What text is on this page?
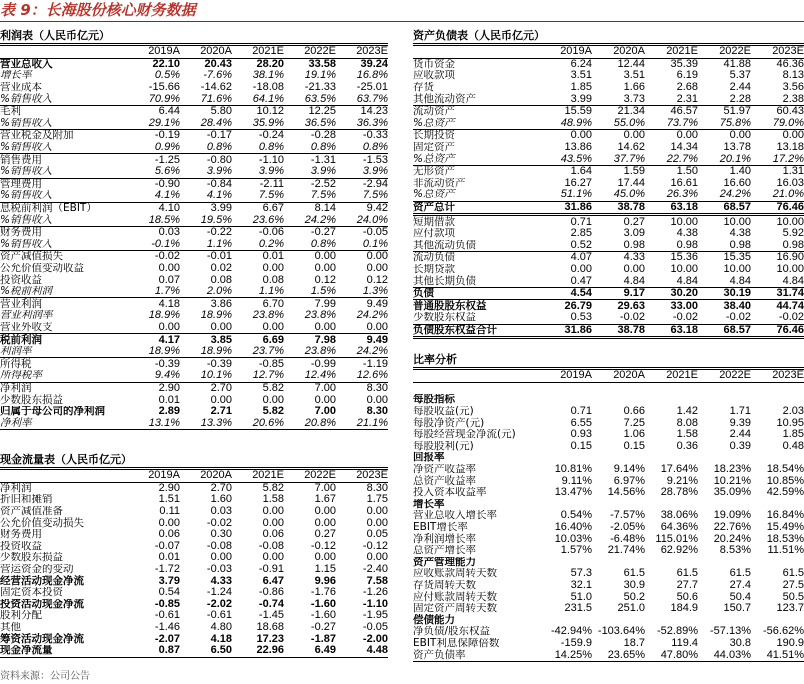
表 9：长海股份核心财务数据
利润表（人民币亿元）
	2019A	2020A	2021E	2022E	2023E
营业总收入	22.10	20.43	28.20	33.58	39.24
增长率	0.5%	-7.6%	38.1%	19.1%	16.8%
营业成本	-15.66	-14.62	-18.08	-21.33	-25.01
%销售收入	70.9%	71.6%	64.1%	63.5%	63.7%
毛利	6.44	5.80	10.12	12.25	14.23
%销售收入	29.1%	28.4%	35.9%	36.5%	36.3%
营业税金及附加	-0.19	-0.17	-0.24	-0.28	-0.33
%销售收入	0.9%	0.8%	0.8%	0.8%	0.8%
销售费用	-1.25	-0.80	-1.10	-1.31	-1.53
%销售收入	5.6%	3.9%	3.9%	3.9%	3.9%
管理费用	-0.90	-0.84	-2.11	-2.52	-2.94
%销售收入	4.1%	4.1%	7.5%	7.5%	7.5%
息税前利润（EBIT）	4.10	3.99	6.67	8.14	9.42
%销售收入	18.5%	19.5%	23.6%	24.2%	24.0%
财务费用	0.03	-0.22	-0.06	-0.27	-0.05
%销售收入	-0.1%	1.1%	0.2%	0.8%	0.1%
资产减值损失	-0.02	-0.01	0.01	0.00	0.00
公允价值变动收益	0.00	0.02	0.00	0.00	0.00
投资收益	0.07	0.08	0.08	0.12	0.12
%税前利润	1.7%	2.0%	1.1%	1.5%	1.3%
营业利润	4.18	3.86	6.70	7.99	9.49
营业利润率	18.9%	18.9%	23.8%	23.8%	24.2%
营业外收支	0.00	0.00	0.00	0.00	0.00
税前利润	4.17	3.85	6.69	7.98	9.49
利润率	18.9%	18.9%	23.7%	23.8%	24.2%
所得税	-0.39	-0.39	-0.85	-0.99	-1.19
所得税率	9.4%	10.1%	12.7%	12.4%	12.6%
净利润	2.90	2.70	5.82	7.00	8.30
少数股东损益	0.01	0.00	0.00	0.00	0.00
归属于母公司的净利润	2.89	2.71	5.82	7.00	8.30
净利率	13.1%	13.3%	20.6%	20.8%	21.1%
现金流量表（人民币亿元）
	2019A	2020A	2021E	2022E	2023E
净利润	2.90	2.70	5.82	7.00	8.30
折旧和摊销	1.51	1.60	1.58	1.67	1.75
资产减值准备	0.11	0.03	0.00	0.00	0.00
公允价值变动损失	0.00	-0.02	0.00	0.00	0.00
财务费用	0.06	0.30	0.06	0.27	0.05
投资收益	-0.07	-0.08	-0.08	-0.12	-0.12
少数股东损益	0.01	0.00	0.00	0.00	0.00
营运资金的变动	-1.72	-0.03	-0.91	1.15	-2.40
经营活动现金净流	3.79	4.33	6.47	9.96	7.58
固定资本投资	0.54	-1.24	-0.86	-1.76	-1.26
投资活动现金净流	-0.85	-2.02	-0.74	-1.60	-1.10
股利分配	-0.61	-0.61	-1.45	-1.60	-1.95
其他	-1.46	4.80	18.68	-0.27	-0.05
筹资活动现金净流	-2.07	4.18	17.23	-1.87	-2.00
现金净流量	0.87	6.50	22.96	6.49	4.48
资产负债表（人民币亿元）
	2019A	2020A	2021E	2022E	2023E
货币资金	6.24	12.44	35.39	41.88	46.36
应收款项	3.51	3.51	6.19	5.37	8.13
存货	1.85	1.66	2.68	2.44	3.56
其他流动资产	3.99	3.73	2.31	2.28	2.38
流动资产	15.59	21.34	46.57	51.97	60.43
%总资产	48.9%	55.0%	73.7%	75.8%	79.0%
长期投资	0.00	0.00	0.00	0.00	0.00
固定资产	13.86	14.62	14.34	13.78	13.18
%总资产	43.5%	37.7%	22.7%	20.1%	17.2%
无形资产	1.64	1.59	1.50	1.40	1.31
非流动资产	16.27	17.44	16.61	16.60	16.03
%总资产	51.1%	45.0%	26.3%	24.2%	21.0%
资产总计	31.86	38.78	63.18	68.57	76.46
短期借款	0.71	0.27	10.00	10.00	10.00
应付款项	2.85	3.09	4.38	4.38	5.92
其他流动负债	0.52	0.98	0.98	0.98	0.98
流动负债	4.07	4.33	15.36	15.35	16.90
长期贷款	0.00	0.00	10.00	10.00	10.00
其他长期负债	0.47	4.84	4.84	4.84	4.84
负债	4.54	9.17	30.20	30.19	31.74
普通股股东权益	26.79	29.63	33.00	38.40	44.74
少数股东权益	0.53	-0.02	-0.02	-0.02	-0.02
负债股东权益合计	31.86	38.78	63.18	68.57	76.46
比率分析
	2019A	2020A	2021E	2022E	2023E

每股指标					
每股收益(元)	0.71	0.66	1.42	1.71	2.03
每股净资产(元)	6.55	7.25	8.08	9.39	10.95
每股经营现金净流(元)	0.93	1.06	1.58	2.44	1.85
每股股利(元)	0.15	0.15	0.36	0.39	0.48
回报率					
净资产收益率	10.81%	9.14%	17.64%	18.23%	18.54%
总资产收益率	9.11%	6.97%	9.21%	10.21%	10.85%
投入资本收益率	13.47%	14.56%	28.78%	35.09%	42.59%
增长率					
营业总收入增长率	0.54%	-7.57%	38.06%	19.09%	16.84%
EBIT增长率	16.40%	-2.05%	64.36%	22.76%	15.49%
净利润增长率	10.03%	-6.48%	115.01%	20.24%	18.53%
总资产增长率	1.57%	21.74%	62.92%	8.53%	11.51%
资产管理能力					
应收账款周转天数	57.3	61.5	61.5	61.5	61.5
存货周转天数	32.1	30.9	27.7	27.4	27.5
应付账款周转天数	51.0	50.2	50.6	50.4	50.5
固定资产周转天数	231.5	251.0	184.9	150.7	123.7
偿债能力					
净负债/股东权益	-42.94%	-103.64%	-52.89%	-57.13%	-56.62%
EBIT利息保障倍数	-159.9	18.7	119.4	30.8	190.9
资产负债率	14.25%	23.65%	47.80%	44.03%	41.51%
资料来源：公司公告
